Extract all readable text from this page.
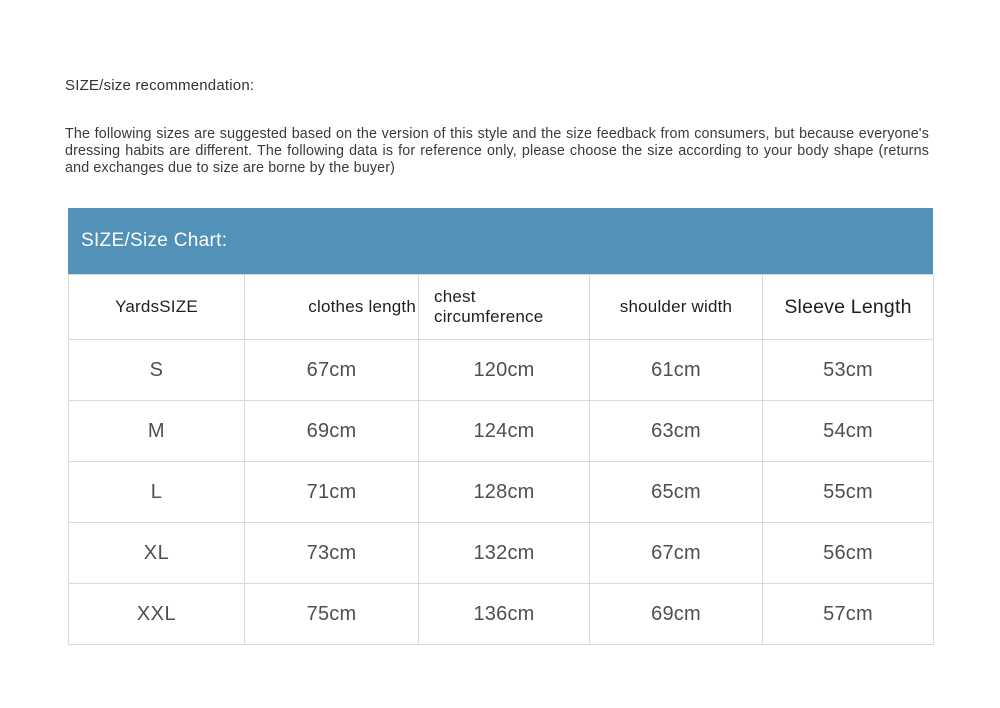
SIZE/size recommendation:

The following sizes are suggested based on the version of this style and the size feedback from consumers, but because everyone's dressing habits are different. The following data is for reference only, please choose the size according to your body shape (returns and exchanges due to size are borne by the buyer)

SIZE/Size Chart:
YardsSIZE	clothes length	chest circumference	shoulder width	Sleeve Length
S	67cm	120cm	61cm	53cm
M	69cm	124cm	63cm	54cm
L	71cm	128cm	65cm	55cm
XL	73cm	132cm	67cm	56cm
XXL	75cm	136cm	69cm	57cm
